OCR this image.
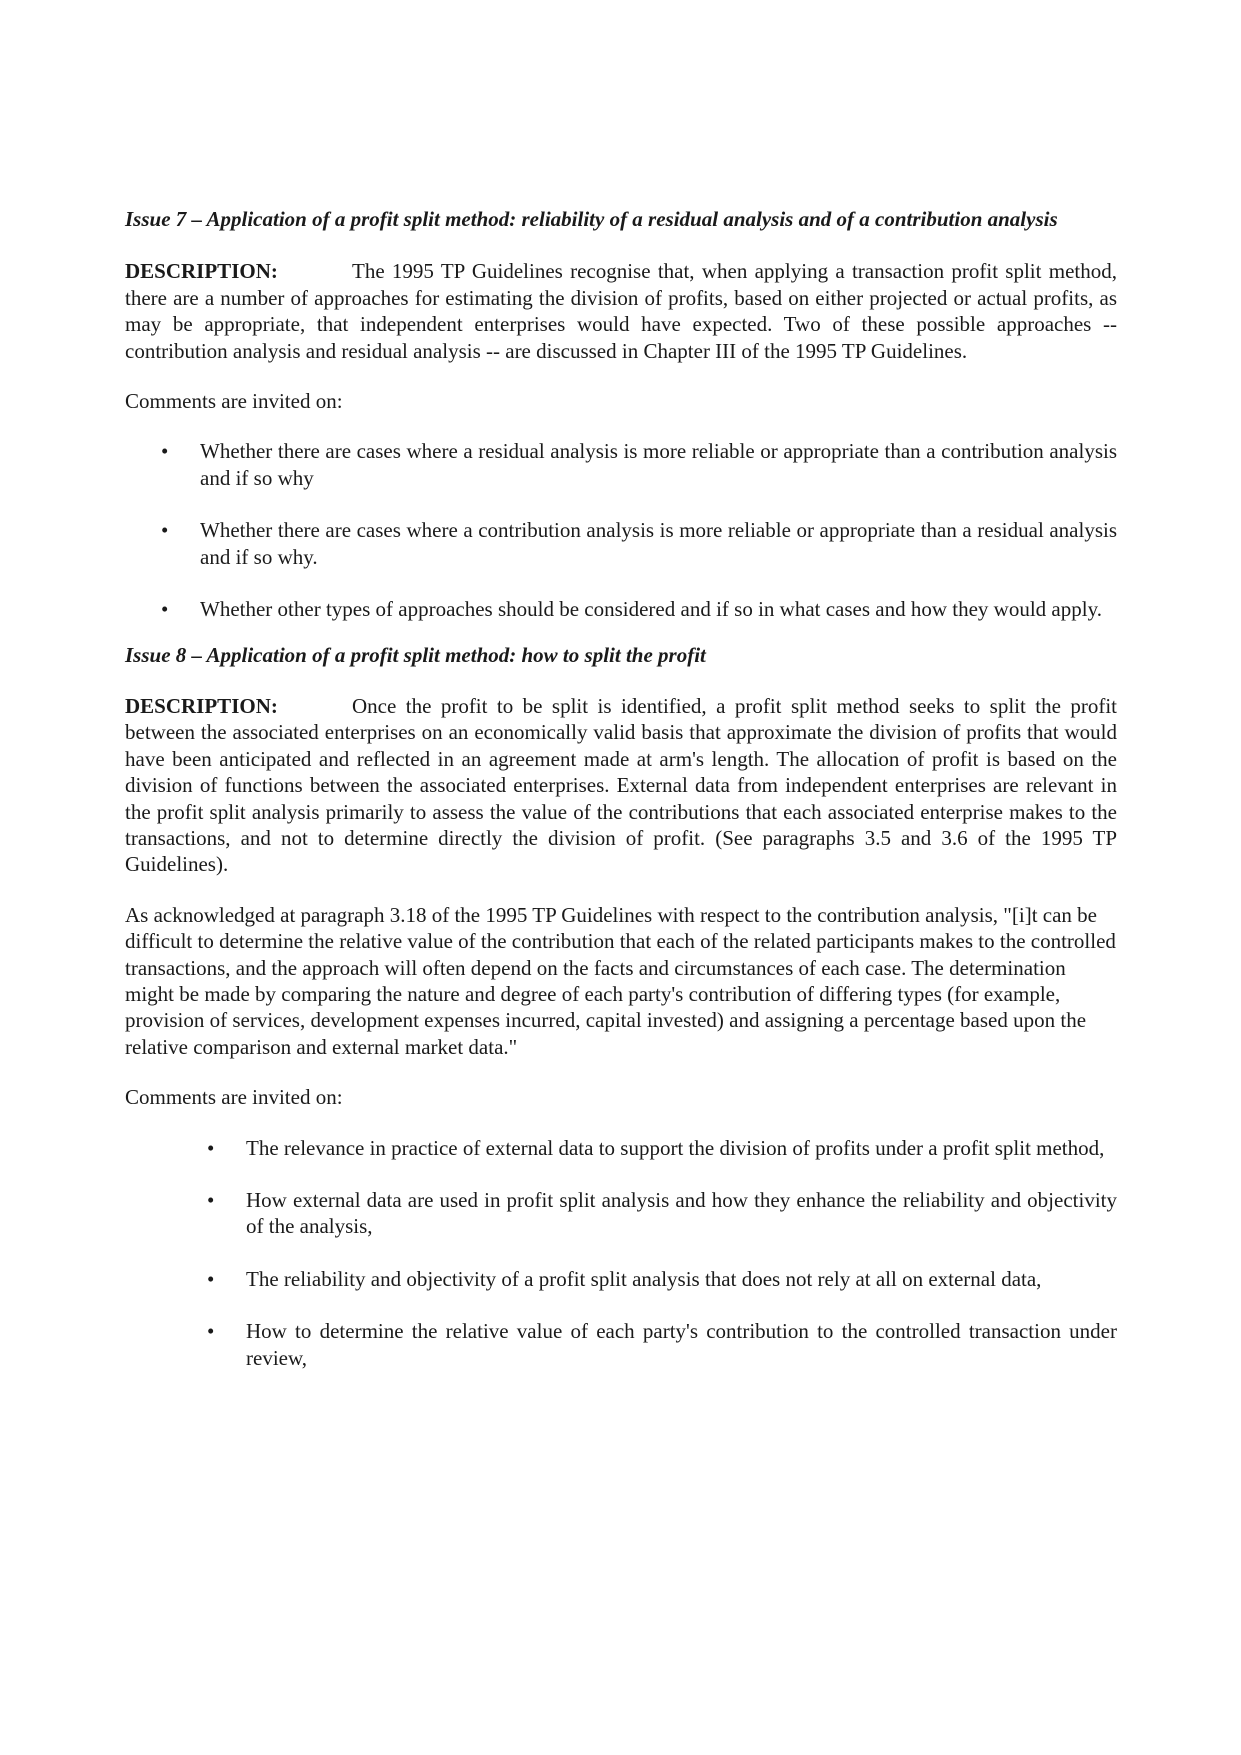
Issue 7 – Application of a profit split method: reliability of a residual analysis and of a contribution analysis

DESCRIPTION:	The 1995 TP Guidelines recognise that, when applying a transaction profit split method, there are a number of approaches for estimating the division of profits, based on either projected or actual profits, as may be appropriate, that independent enterprises would have expected. Two of these possible approaches -- contribution analysis and residual analysis -- are discussed in Chapter III of the 1995 TP Guidelines.

Comments are invited on:

• Whether there are cases where a residual analysis is more reliable or appropriate than a contribution analysis and if so why
• Whether there are cases where a contribution analysis is more reliable or appropriate than a residual analysis and if so why.
• Whether other types of approaches should be considered and if so in what cases and how they would apply.

Issue 8 – Application of a profit split method: how to split the profit

DESCRIPTION:	Once the profit to be split is identified, a profit split method seeks to split the profit between the associated enterprises on an economically valid basis that approximate the division of profits that would have been anticipated and reflected in an agreement made at arm's length. The allocation of profit is based on the division of functions between the associated enterprises. External data from independent enterprises are relevant in the profit split analysis primarily to assess the value of the contributions that each associated enterprise makes to the transactions, and not to determine directly the division of profit. (See paragraphs 3.5 and 3.6 of the 1995 TP Guidelines).

As acknowledged at paragraph 3.18 of the 1995 TP Guidelines with respect to the contribution analysis, "[i]t can be difficult to determine the relative value of the contribution that each of the related participants makes to the controlled transactions, and the approach will often depend on the facts and circumstances of each case. The determination might be made by comparing the nature and degree of each party's contribution of differing types (for example, provision of services, development expenses incurred, capital invested) and assigning a percentage based upon the relative comparison and external market data."

Comments are invited on:

• The relevance in practice of external data to support the division of profits under a profit split method,
• How external data are used in profit split analysis and how they enhance the reliability and objectivity of the analysis,
• The reliability and objectivity of a profit split analysis that does not rely at all on external data,
• How to determine the relative value of each party's contribution to the controlled transaction under review,
